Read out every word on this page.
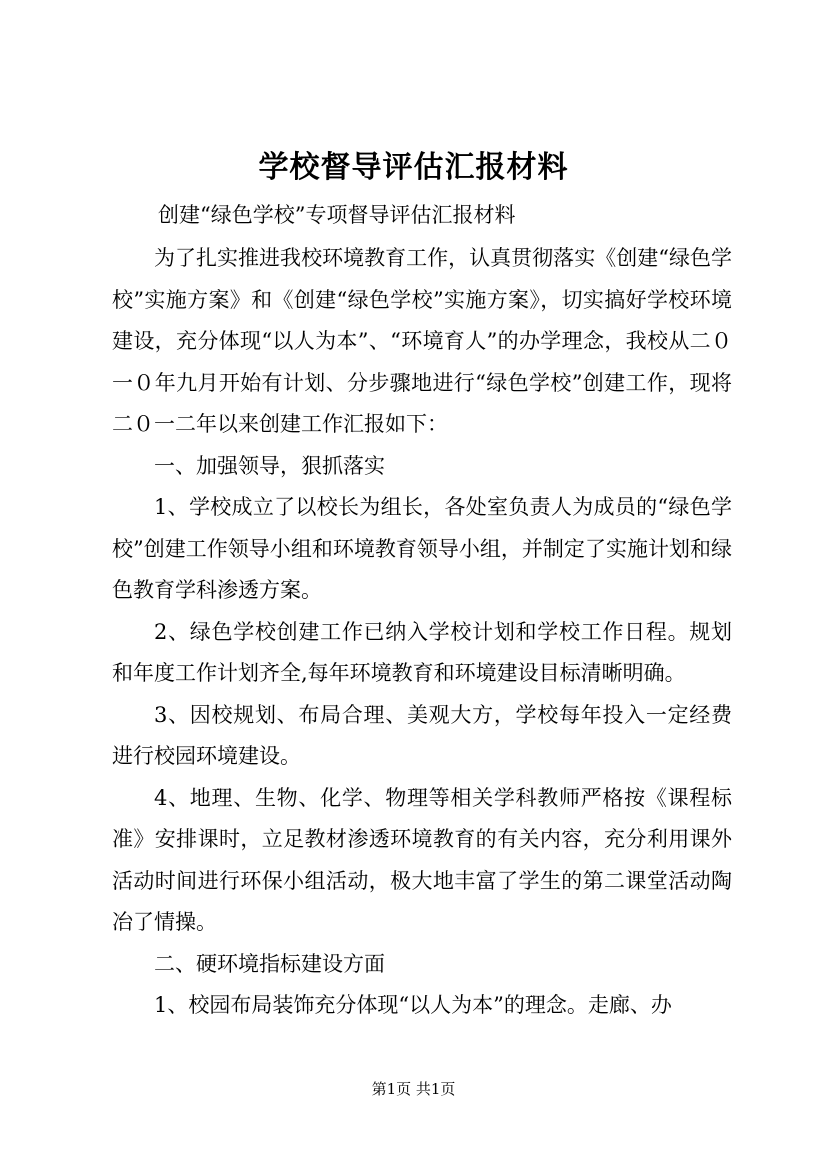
学校督导评估汇报材料
创建“绿色学校”专项督导评估汇报材料

为了扎实推进我校环境教育工作，认真贯彻落实《创建“绿色学校”实施方案》和《创建“绿色学校”实施方案》，切实搞好学校环境建设，充分体现“以人为本”、“环境育人”的办学理念，我校从二０一０年九月开始有计划、分步骤地进行“绿色学校”创建工作，现将二０一二年以来创建工作汇报如下：

一、加强领导，狠抓落实

1、学校成立了以校长为组长，各处室负责人为成员的“绿色学校”创建工作领导小组和环境教育领导小组，并制定了实施计划和绿色教育学科渗透方案。

2、绿色学校创建工作已纳入学校计划和学校工作日程。规划和年度工作计划齐全,每年环境教育和环境建设目标清晰明确。

3、因校规划、布局合理、美观大方，学校每年投入一定经费进行校园环境建设。

4、地理、生物、化学、物理等相关学科教师严格按《课程标准》安排课时，立足教材渗透环境教育的有关内容，充分利用课外活动时间进行环保小组活动，极大地丰富了学生的第二课堂活动陶冶了情操。

二、硬环境指标建设方面

1、校园布局装饰充分体现“以人为本”的理念。走廊、办

第1页 共1页
